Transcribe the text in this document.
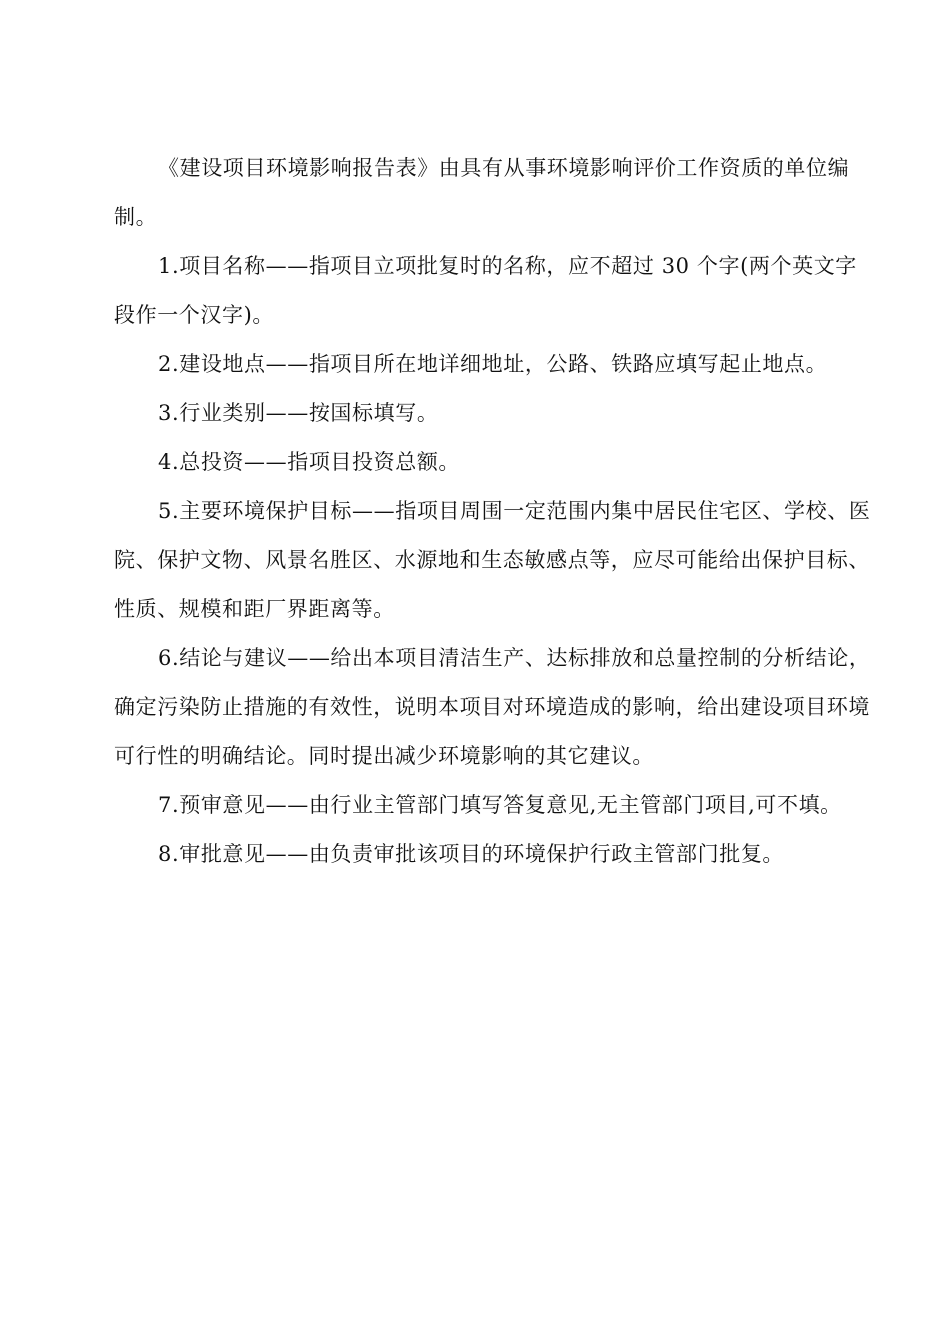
《建设项目环境影响报告表》由具有从事环境影响评价工作资质的单位编制。

1.项目名称——指项目立项批复时的名称，应不超过 30 个字(两个英文字段作一个汉字)。

2.建设地点——指项目所在地详细地址，公路、铁路应填写起止地点。

3.行业类别——按国标填写。

4.总投资——指项目投资总额。

5.主要环境保护目标——指项目周围一定范围内集中居民住宅区、学校、医院、保护文物、风景名胜区、水源地和生态敏感点等，应尽可能给出保护目标、性质、规模和距厂界距离等。

6.结论与建议——给出本项目清洁生产、达标排放和总量控制的分析结论，确定污染防止措施的有效性，说明本项目对环境造成的影响，给出建设项目环境可行性的明确结论。同时提出减少环境影响的其它建议。

7.预审意见——由行业主管部门填写答复意见,无主管部门项目,可不填。

8.审批意见——由负责审批该项目的环境保护行政主管部门批复。
